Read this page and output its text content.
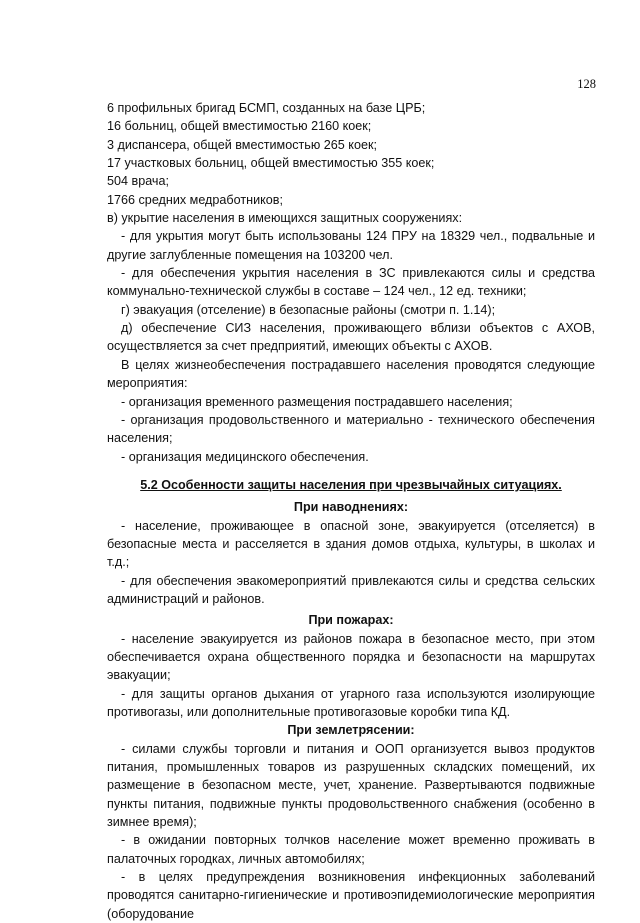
128

6 профильных бригад БСМП, созданных на базе ЦРБ;

16 больниц, общей вместимостью 2160 коек;

3 диспансера, общей вместимостью 265 коек;

17 участковых больниц, общей вместимостью 355 коек;

504 врача;

1766 средних медработников;

в) укрытие населения в имеющихся защитных сооружениях:

- для укрытия могут быть использованы 124 ПРУ на 18329 чел., подвальные и другие заглубленные помещения на 103200 чел.

- для обеспечения укрытия населения в ЗС привлекаются силы и средства коммунально-технической службы в составе – 124 чел., 12 ед. техники;

г) эвакуация (отселение) в безопасные районы (смотри п. 1.14);

д) обеспечение СИЗ населения, проживающего вблизи объектов с АХОВ, осуществляется за счет предприятий, имеющих объекты с АХОВ.

В целях жизнеобеспечения пострадавшего населения проводятся следующие мероприятия:

- организация временного размещения пострадавшего населения;

- организация продовольственного и материально - технического обеспечения населения;

- организация медицинского обеспечения.

5.2 Особенности защиты населения при чрезвычайных ситуациях.

При наводнениях:

- население, проживающее в опасной зоне, эвакуируется (отселяется) в безопасные места и расселяется в здания домов отдыха, культуры, в школах и т.д.;

- для обеспечения эвакомероприятий привлекаются силы и средства сельских администраций и районов.

При пожарах:

- население эвакуируется из районов пожара в безопасное место, при этом обеспечивается охрана общественного порядка и безопасности на маршрутах эвакуации;

- для защиты органов дыхания от угарного газа используются изолирующие противогазы, или дополнительные противогазовые коробки типа КД.

При землетрясении:

- силами службы торговли и питания и ООП организуется вывоз продуктов питания, промышленных товаров из разрушенных складских помещений, их размещение в безопасном месте, учет, хранение. Развертываются подвижные пункты питания, подвижные пункты продовольственного снабжения (особенно в зимнее время);

- в ожидании повторных толчков население может временно проживать в палаточных городках, личных автомобилях;

- в целях предупреждения возникновения инфекционных заболеваний проводятся санитарно-гигиенические и противоэпидемиологические мероприятия (оборудование
